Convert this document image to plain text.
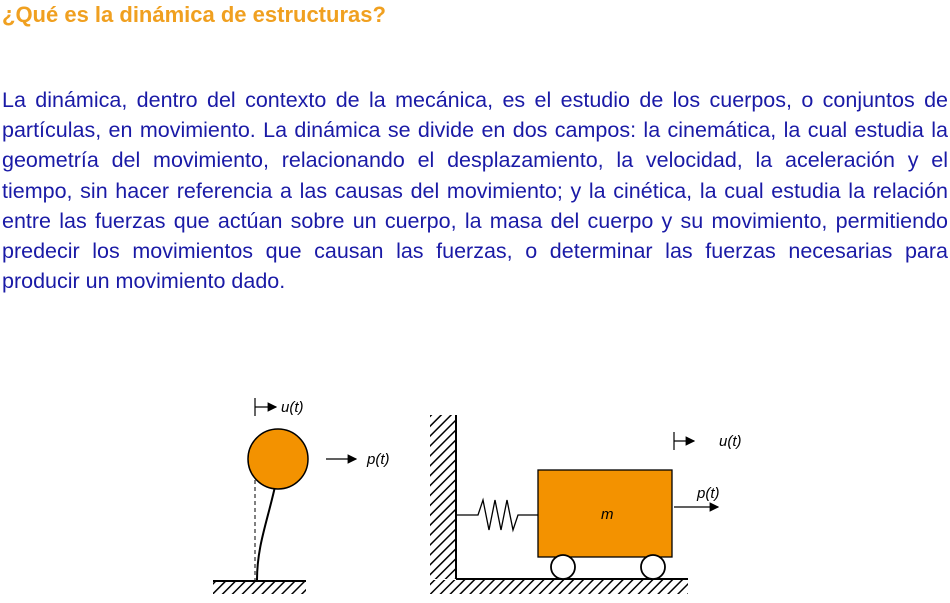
¿Qué es la dinámica de estructuras?

La dinámica, dentro del contexto de la mecánica, es el estudio de los cuerpos, o conjuntos de partículas, en movimiento. La dinámica se divide en dos campos: la cinemática, la cual estudia la geometría del movimiento, relacionando el desplazamiento, la velocidad, la aceleración y el tiempo, sin hacer referencia a las causas del movimiento; y la cinética, la cual estudia la relación entre las fuerzas que actúan sobre un cuerpo, la masa del cuerpo y su movimiento, permitiendo predecir los movimientos que causan las fuerzas, o determinar las fuerzas necesarias para producir un movimiento dado.

u(t)
p(t)
m
u(t)
p(t)
